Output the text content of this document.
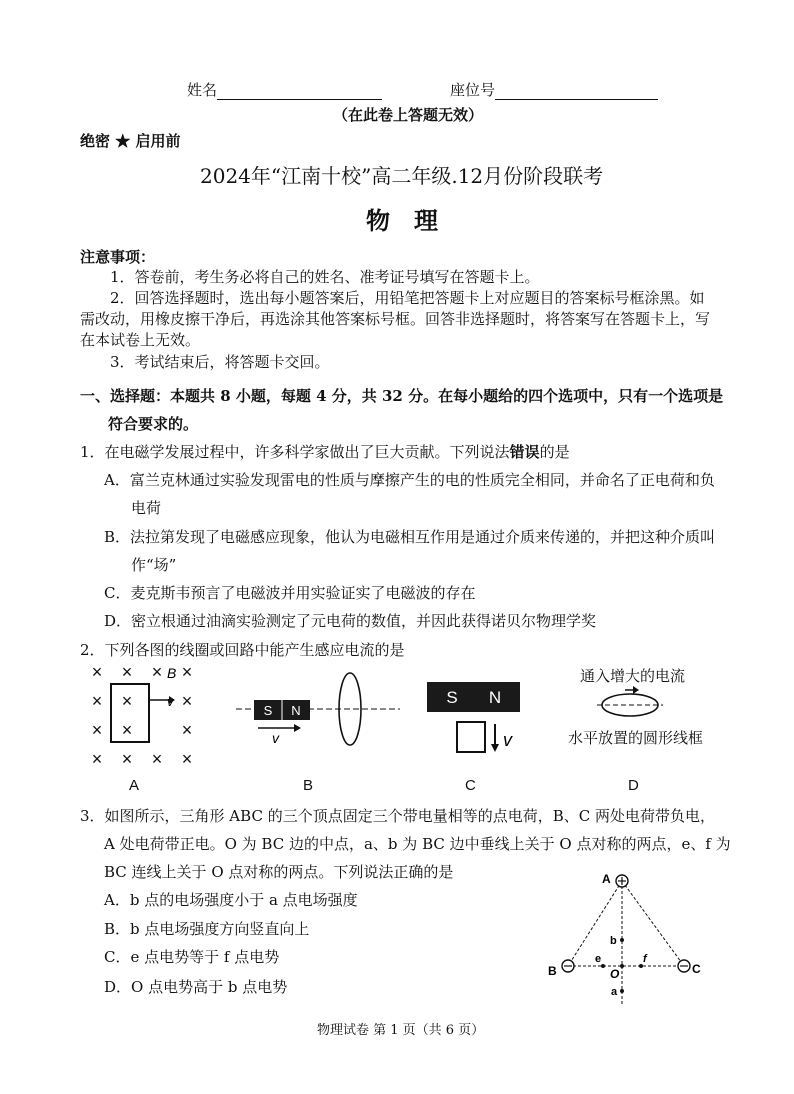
姓名	座位号
（在此卷上答题无效）
绝密 ★ 启用前
2024年“江南十校”高二年级.12月份阶段联考
物　理
注意事项：
1．答卷前，考生务必将自己的姓名、准考证号填写在答题卡上。
2．回答选择题时，选出每小题答案后，用铅笔把答题卡上对应题目的答案标号框涂黑。如
需改动，用橡皮擦干净后，再选涂其他答案标号框。回答非选择题时，将答案写在答题卡上，写
在本试卷上无效。
3．考试结束后，将答题卡交回。
一、选择题：本题共 8 小题，每题 4 分，共 32 分。在每小题给的四个选项中，只有一个选项是
符合要求的。
1．在电磁学发展过程中，许多科学家做出了巨大贡献。下列说法错误的是
A．富兰克林通过实验发现雷电的性质与摩擦产生的电的性质完全相同，并命名了正电荷和负
电荷
B．法拉第发现了电磁感应现象，他认为电磁相互作用是通过介质来传递的，并把这种介质叫
作“场”
C．麦克斯韦预言了电磁波并用实验证实了电磁波的存在
D．密立根通过油滴实验测定了元电荷的数值，并因此获得诺贝尔物理学奖
2．下列各图的线圈或回路中能产生感应电流的是
× × × ×
× ×	×
× ×	×
× × × ×
B
v
A
S N
v
B
S N
v
C
通入增大的电流
水平放置的圆形线框
D
3．如图所示，三角形 ABC 的三个顶点固定三个带电量相等的点电荷，B、C 两处电荷带负电，
A 处电荷带正电。O 为 BC 边的中点，a、b 为 BC 边中垂线上关于 O 点对称的两点，e、f 为
BC 连线上关于 O 点对称的两点。下列说法正确的是
A．b 点的电场强度小于 a 点电场强度
B．b 点电场强度方向竖直向上
C．e 点电势等于 f 点电势
D．O 点电势高于 b 点电势
A
B	C
O
b
a
e	f
物理试卷 第 1 页（共 6 页）
